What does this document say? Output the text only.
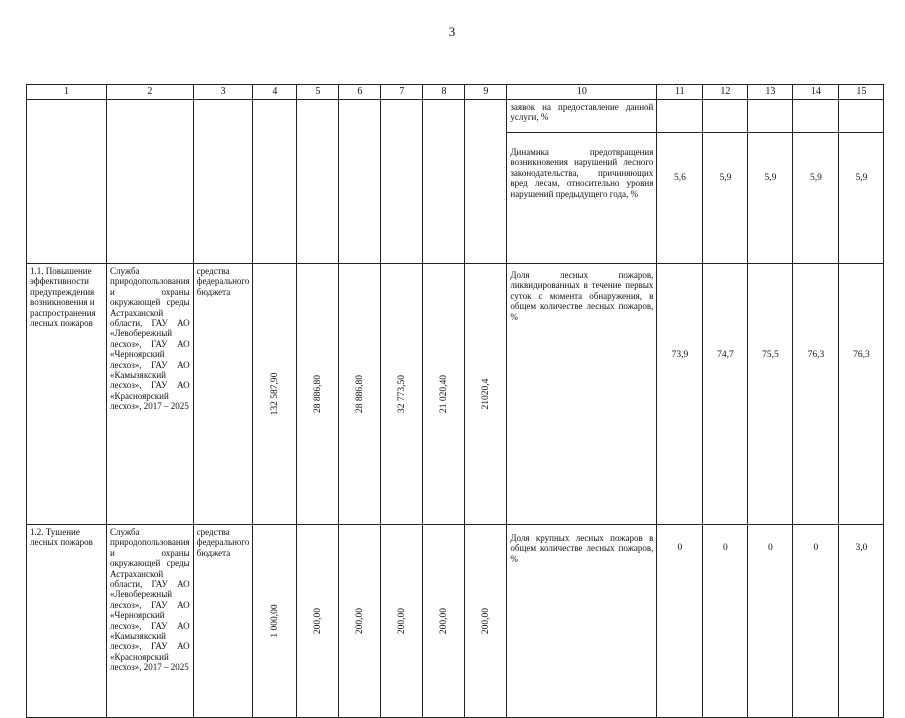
3
1	2	3	4	5	6	7	8	9	10	11	12	13	14	15
									заявок на предоставление данной услуги, %					
									Динамика предотвращения возникновения нарушений лесного законодательства, причиняющих вред лесам, относительно уровня нарушений предыдущего года, %	5,6	5,9	5,9	5,9	5,9
1.1. Повышение эффективности предупреждения возникновения и распространения лесных пожаров	Служба природопользования и охраны окружающей среды Астраханской области, ГАУ АО «Левобережный лесхоз», ГАУ АО «Черноярский лесхоз», ГАУ АО «Камызякский лесхоз», ГАУ АО «Красноярский лесхоз», 2017 – 2025	средства федерального бюджета	132 587,90	28 886,80	28 886,80	32 773,50	21 020,40	21020,4	Доля лесных пожаров, ликвидированных в течение первых суток с момента обнаружения, в общем количестве лесных пожаров, %	73,9	74,7	75,5	76,3	76,3
1.2. Тушение лесных пожаров	Служба природопользования и охраны окружающей среды Астраханской области, ГАУ АО «Левобережный лесхоз», ГАУ АО «Черноярский лесхоз», ГАУ АО «Камызякский лесхоз», ГАУ АО «Красноярский лесхоз», 2017 – 2025	средства федерального бюджета	1 000,00	200,00	200,00	200,00	200,00	200,00	Доля крупных лесных пожаров в общем количестве лесных пожаров, %	0	0	0	0	3,0
